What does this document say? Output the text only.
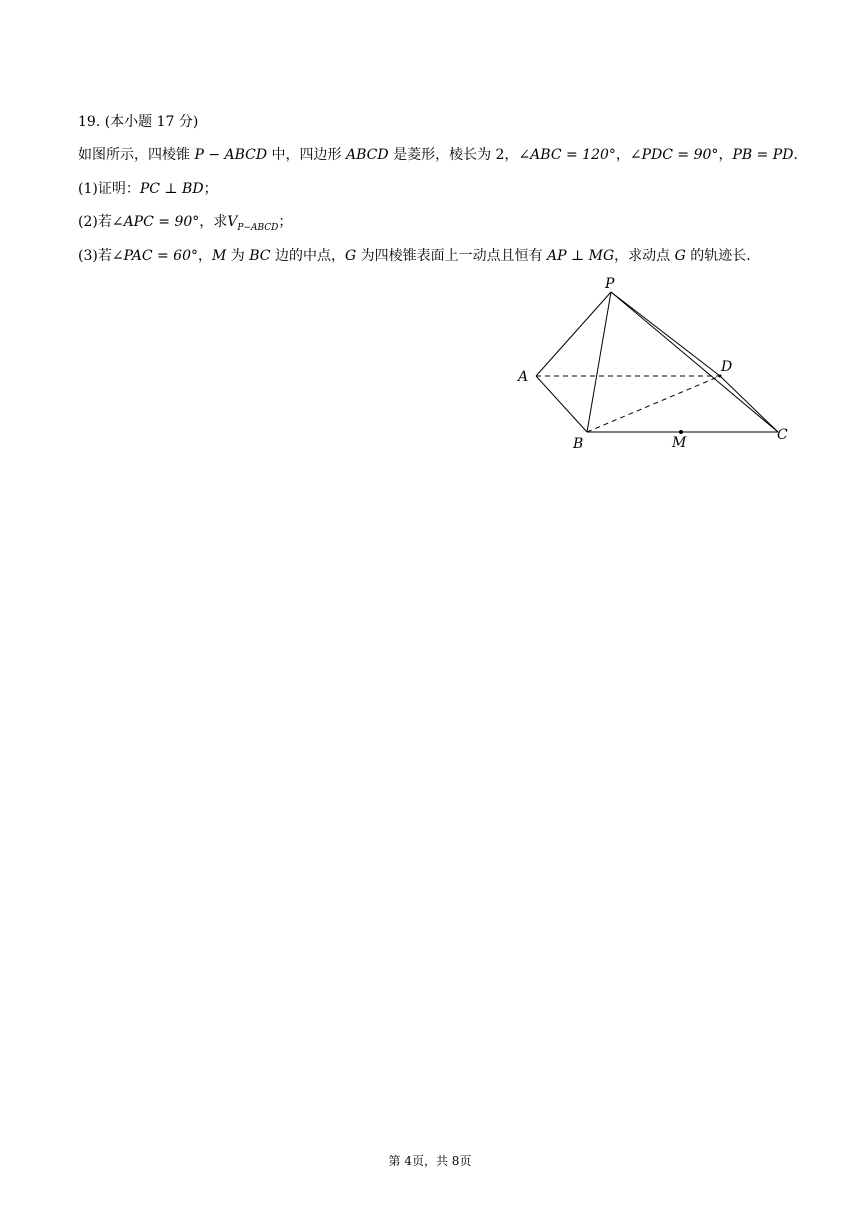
19. (本小题 17 分)
如图所示，四棱锥 P − ABCD 中，四边形 ABCD 是菱形，棱长为 2，∠ABC = 120°，∠PDC = 90°，PB = PD.
(1)证明：PC ⊥ BD；
(2)若∠APC = 90°，求$V_{P-ABCD}$；
(3)若∠PAC = 60°，M 为 BC 边的中点，G 为四棱锥表面上一动点且恒有 AP ⊥ MG，求动点 G 的轨迹长.
P
A
B
C
D
M
第 4页，共 8页
